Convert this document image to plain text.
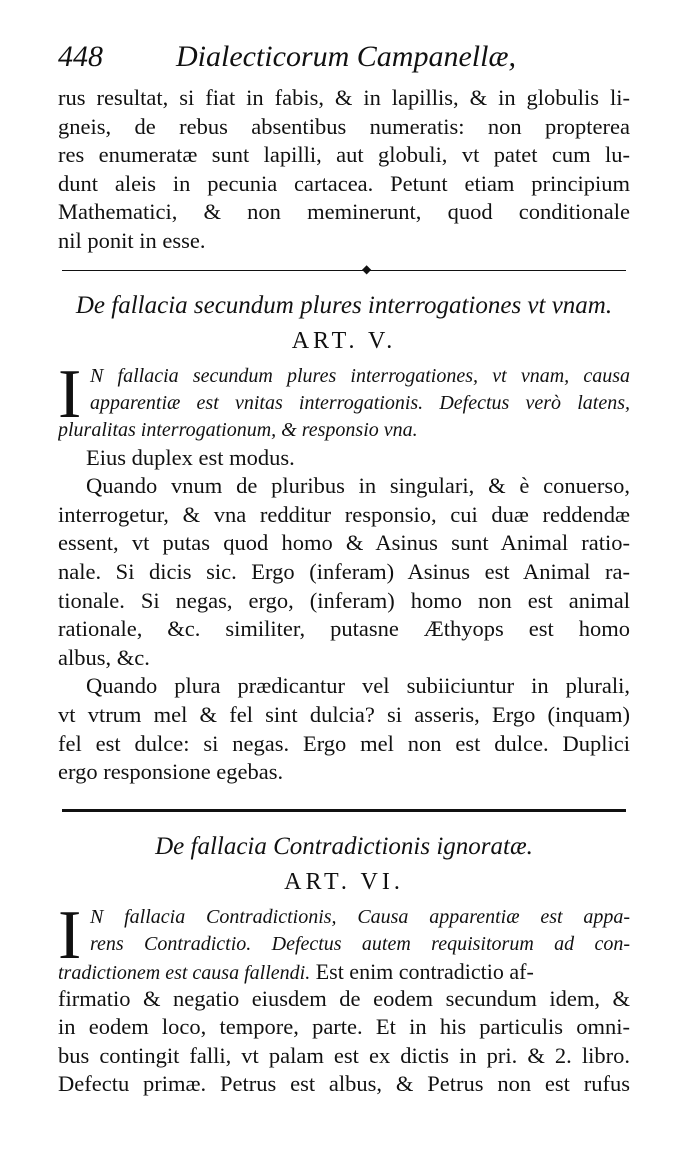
448	Dialecticorum Campanellæ,
rus resultat, si fiat in fabis, & in lapillis, & in globulis li-
gneis, de rebus absentibus numeratis: non propterea
res enumeratæ sunt lapilli, aut globuli, vt patet cum lu-
dunt aleis in pecunia cartacea. Petunt etiam principium
Mathematici, & non meminerunt, quod conditionale
nil ponit in esse.
◆
De fallacia secundum plures interrogationes vt vnam.
ART. V.
I N fallacia secundum plures interrogationes, vt vnam, causa
apparentiæ est vnitas interrogationis. Defectus verò latens,
pluralitas interrogationum, & responsio vna.
Eius duplex est modus.
Quando vnum de pluribus in singulari, & è conuerso,
interrogetur, & vna redditur responsio, cui duæ reddendæ
essent, vt putas quod homo & Asinus sunt Animal ratio-
nale. Si dicis sic. Ergo (inferam) Asinus est Animal ra-
tionale. Si negas, ergo, (inferam) homo non est animal
rationale, &c. similiter, putasne Æthyops est homo
albus, &c.
Quando plura prædicantur vel subiiciuntur in plurali,
vt vtrum mel & fel sint dulcia? si asseris, Ergo (inquam)
fel est dulce: si negas. Ergo mel non est dulce. Duplici
ergo responsione egebas.
De fallacia Contradictionis ignoratæ.
ART. VI.
I N fallacia Contradictionis, Causa apparentiæ est appa-
rens Contradictio. Defectus autem requisitorum ad con-
tradictionem est causa fallendi. Est enim contradictio af-
firmatio & negatio eiusdem de eodem secundum idem, &
in eodem loco, tempore, parte. Et in his particulis omni-
bus contingit falli, vt palam est ex dictis in pri. & 2. libro.
Defectu primæ. Petrus est albus, & Petrus non est rufus
